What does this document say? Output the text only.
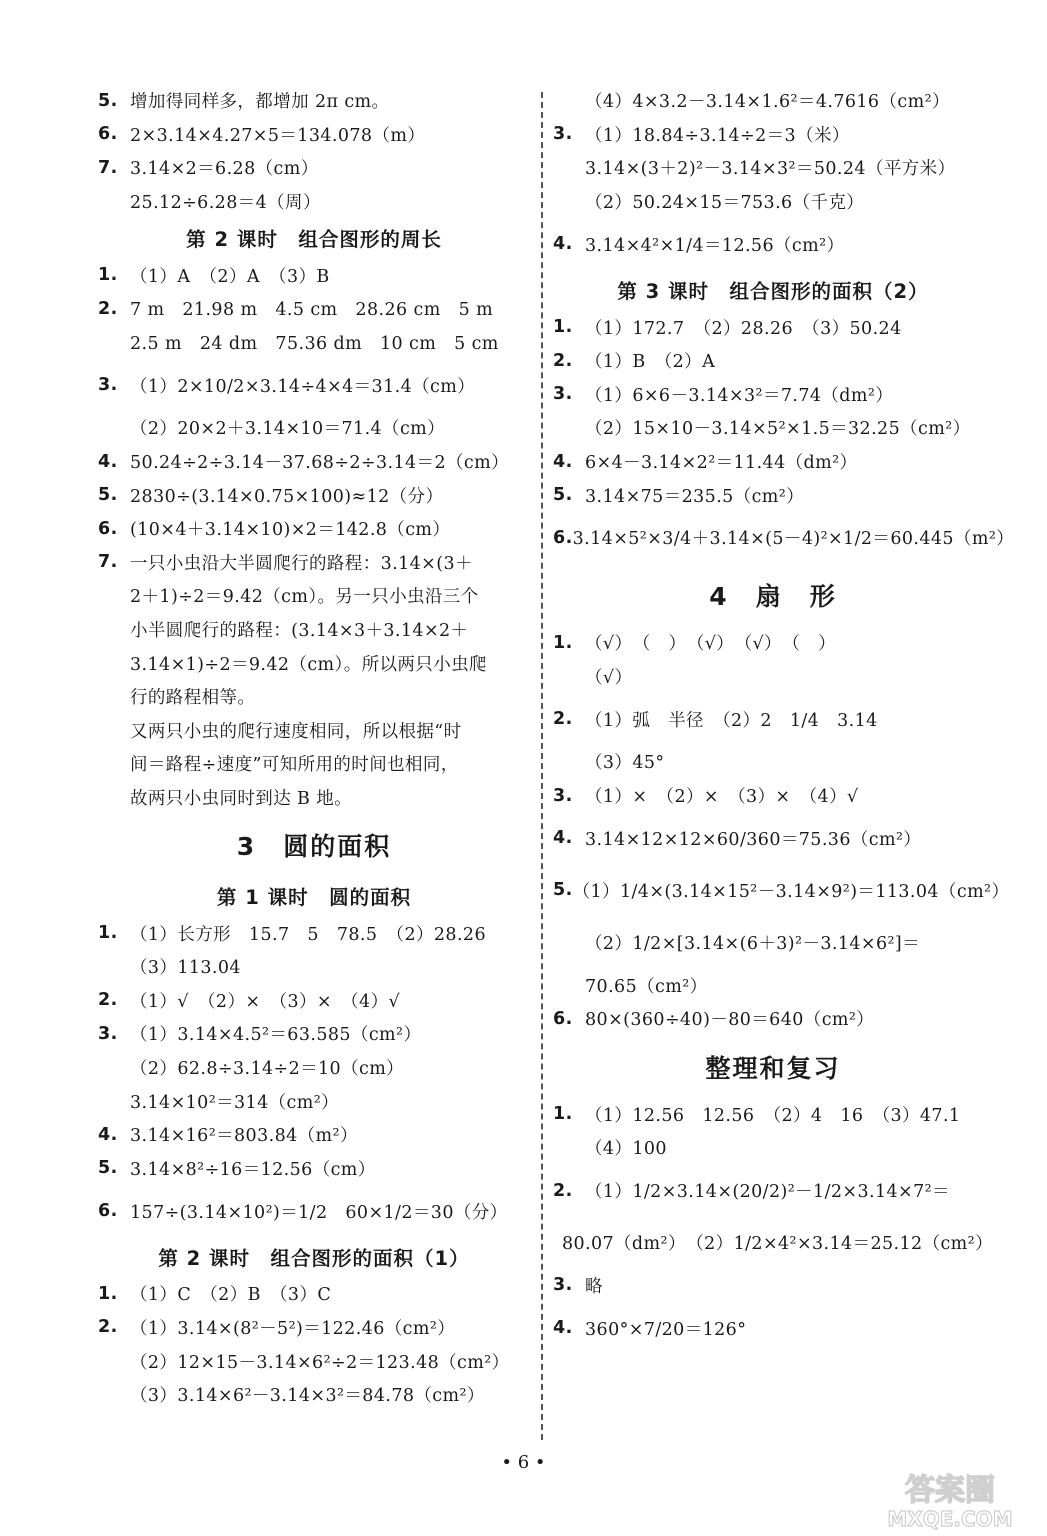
5. 增加得同样多，都增加 2π cm。
6. 2×3.14×4.27×5＝134.078（m）
7. 3.14×2＝6.28（cm）
25.12÷6.28＝4（周）
第 2 课时　组合图形的周长
1. （1）A　（2）A　（3）B
2. 7 m　21.98 m　4.5 cm　28.26 cm　5 m
2.5 m　24 dm　75.36 dm　10 cm　5 cm
3. （1）2×10/2×3.14÷4×4＝31.4（cm）
（2）20×2＋3.14×10＝71.4（cm）
4. 50.24÷2÷3.14－37.68÷2÷3.14＝2（cm）
5. 2830÷(3.14×0.75×100)≈12（分）
6. (10×4＋3.14×10)×2＝142.8（cm）
7. 一只小虫沿大半圆爬行的路程：3.14×(3＋
2＋1)÷2＝9.42（cm）。另一只小虫沿三个
小半圆爬行的路程：(3.14×3＋3.14×2＋
3.14×1)÷2＝9.42（cm）。所以两只小虫爬
行的路程相等。
又两只小虫的爬行速度相同，所以根据“时
间＝路程÷速度”可知所用的时间也相同，
故两只小虫同时到达 B 地。
3　圆的面积
第 1 课时　圆的面积
1. （1）长方形　15.7　5　78.5　（2）28.26
（3）113.04
2. （1）√　（2）×　（3）×　（4）√
3. （1）3.14×4.5²＝63.585（cm²）
（2）62.8÷3.14÷2＝10（cm）
3.14×10²＝314（cm²）
4. 3.14×16²＝803.84（m²）
5. 3.14×8²÷16＝12.56（cm）
6. 157÷(3.14×10²)＝1/2　60×1/2＝30（分）
第 2 课时　组合图形的面积（1）
1. （1）C　（2）B　（3）C
2. （1）3.14×(8²－5²)＝122.46（cm²）
（2）12×15－3.14×6²÷2＝123.48（cm²）
（3）3.14×6²－3.14×3²＝84.78（cm²）
（4）4×3.2－3.14×1.6²＝4.7616（cm²）
3. （1）18.84÷3.14÷2＝3（米）
3.14×(3＋2)²－3.14×3²＝50.24（平方米）
（2）50.24×15＝753.6（千克）
4. 3.14×4²×1/4＝12.56（cm²）
第 3 课时　组合图形的面积（2）
1. （1）172.7　（2）28.26　（3）50.24
2. （1）B　（2）A
3. （1）6×6－3.14×3²＝7.74（dm²）
（2）15×10－3.14×5²×1.5＝32.25（cm²）
4. 6×4－3.14×2²＝11.44（dm²）
5. 3.14×75＝235.5（cm²）
6. 3.14×5²×3/4＋3.14×(5－4)²×1/2＝60.445（m²）
4　扇　形
1. （√）　（　）　（√）　（√）　（　）
（√）
2. （1）弧　半径　（2）2　1/4　3.14
（3）45°
3. （1）×　（2）×　（3）×　（4）√
4. 3.14×12×12×60/360＝75.36（cm²）
5. （1）1/4×(3.14×15²－3.14×9²)＝113.04（cm²）
（2）1/2×[3.14×(6＋3)²－3.14×6²]＝
70.65（cm²）
6. 80×(360÷40)－80＝640（cm²）
整理和复习
1. （1）12.56　12.56　（2）4　16　（3）47.1
（4）100
2. （1）1/2×3.14×(20/2)²－1/2×3.14×7²＝
80.07（dm²）　（2）1/2×4²×3.14＝25.12（cm²）
3. 略
4. 360°×7/20＝126°
• 6 •
答案圈
MXQE.COM
